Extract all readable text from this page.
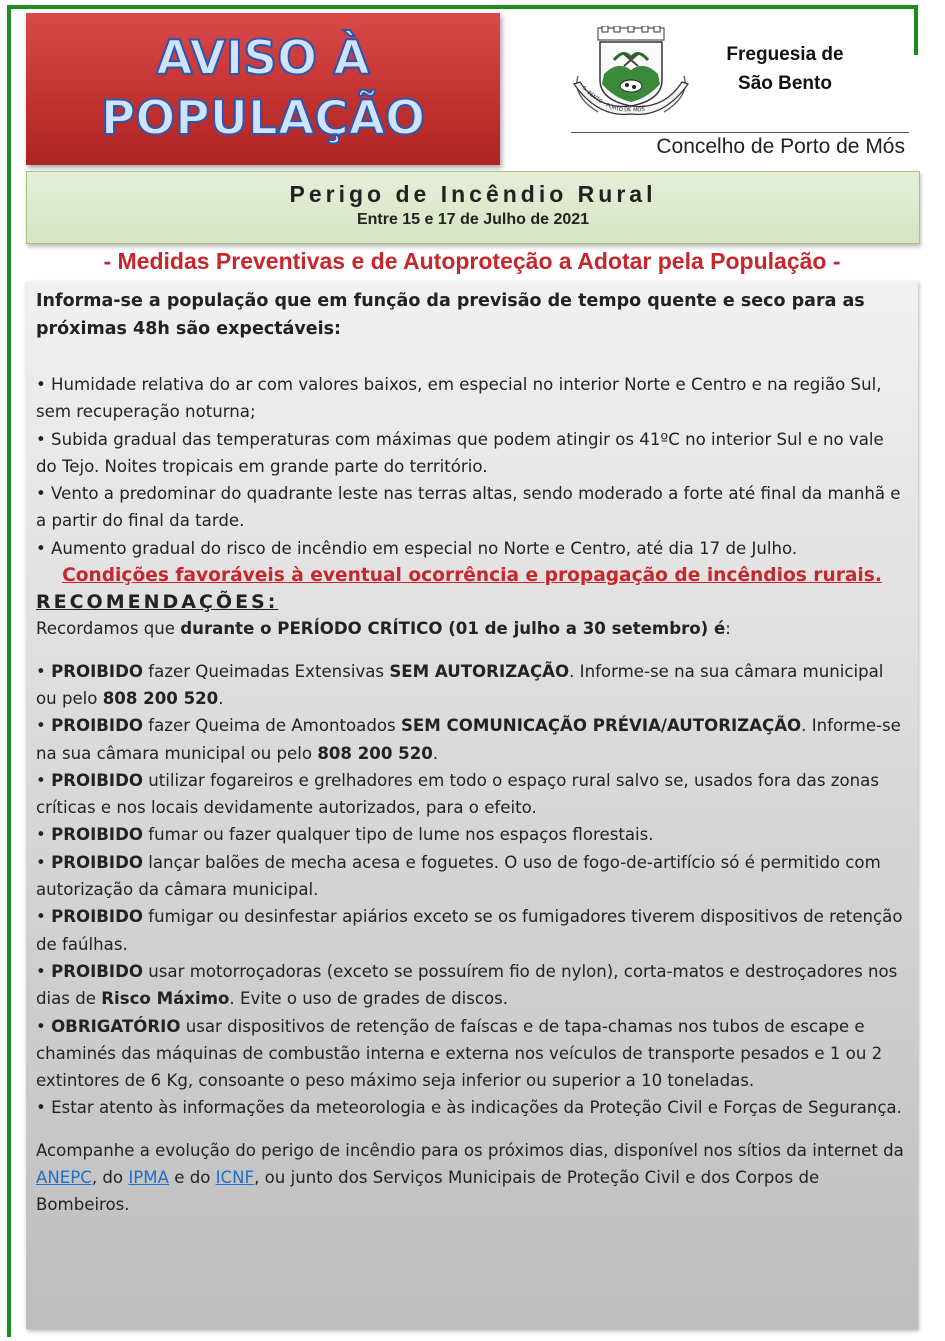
AVISO À
POPULAÇÃO
S. BENTO - PORTO DE MÓS
Freguesia de
São Bento
Concelho de Porto de Mós
Perigo de Incêndio Rural
Entre 15 e 17 de Julho de 2021
- Medidas Preventivas e de Autoproteção a Adotar pela População -

Informa-se a população que em função da previsão de tempo quente e seco para as próximas 48h são expectáveis:

• Humidade relativa do ar com valores baixos, em especial no interior Norte e Centro e na região Sul, sem recuperação noturna;

• Subida gradual das temperaturas com máximas que podem atingir os 41ºC no interior Sul e no vale do Tejo. Noites tropicais em grande parte do território.

• Vento a predominar do quadrante leste nas terras altas, sendo moderado a forte até final da manhã e a partir do final da tarde.

• Aumento gradual do risco de incêndio em especial no Norte e Centro, até dia 17 de Julho.

Condições favoráveis à eventual ocorrência e propagação de incêndios rurais.

RECOMENDAÇÕES:

Recordamos que durante o PERÍODO CRÍTICO (01 de julho a 30 setembro) é:

• PROIBIDO fazer Queimadas Extensivas SEM AUTORIZAÇÃO. Informe-se na sua câmara municipal ou pelo 808 200 520.

• PROIBIDO fazer Queima de Amontoados SEM COMUNICAÇÃO PRÉVIA/AUTORIZAÇÃO. Informe-se na sua câmara municipal ou pelo 808 200 520.

• PROIBIDO utilizar fogareiros e grelhadores em todo o espaço rural salvo se, usados fora das zonas críticas e nos locais devidamente autorizados, para o efeito.

• PROIBIDO fumar ou fazer qualquer tipo de lume nos espaços florestais.

• PROIBIDO lançar balões de mecha acesa e foguetes. O uso de fogo-de-artifício só é permitido com autorização da câmara municipal.

• PROIBIDO fumigar ou desinfestar apiários exceto se os fumigadores tiverem dispositivos de retenção de faúlhas.

• PROIBIDO usar motorroçadoras (exceto se possuírem fio de nylon), corta-matos e destroçadores nos dias de Risco Máximo. Evite o uso de grades de discos.

• OBRIGATÓRIO usar dispositivos de retenção de faíscas e de tapa-chamas nos tubos de escape e chaminés das máquinas de combustão interna e externa nos veículos de transporte pesados e 1 ou 2 extintores de 6 Kg, consoante o peso máximo seja inferior ou superior a 10 toneladas.

• Estar atento às informações da meteorologia e às indicações da Proteção Civil e Forças de Segurança.

Acompanhe a evolução do perigo de incêndio para os próximos dias, disponível nos sítios da internet da ANEPC, do IPMA e do ICNF, ou junto dos Serviços Municipais de Proteção Civil e dos Corpos de Bombeiros.
